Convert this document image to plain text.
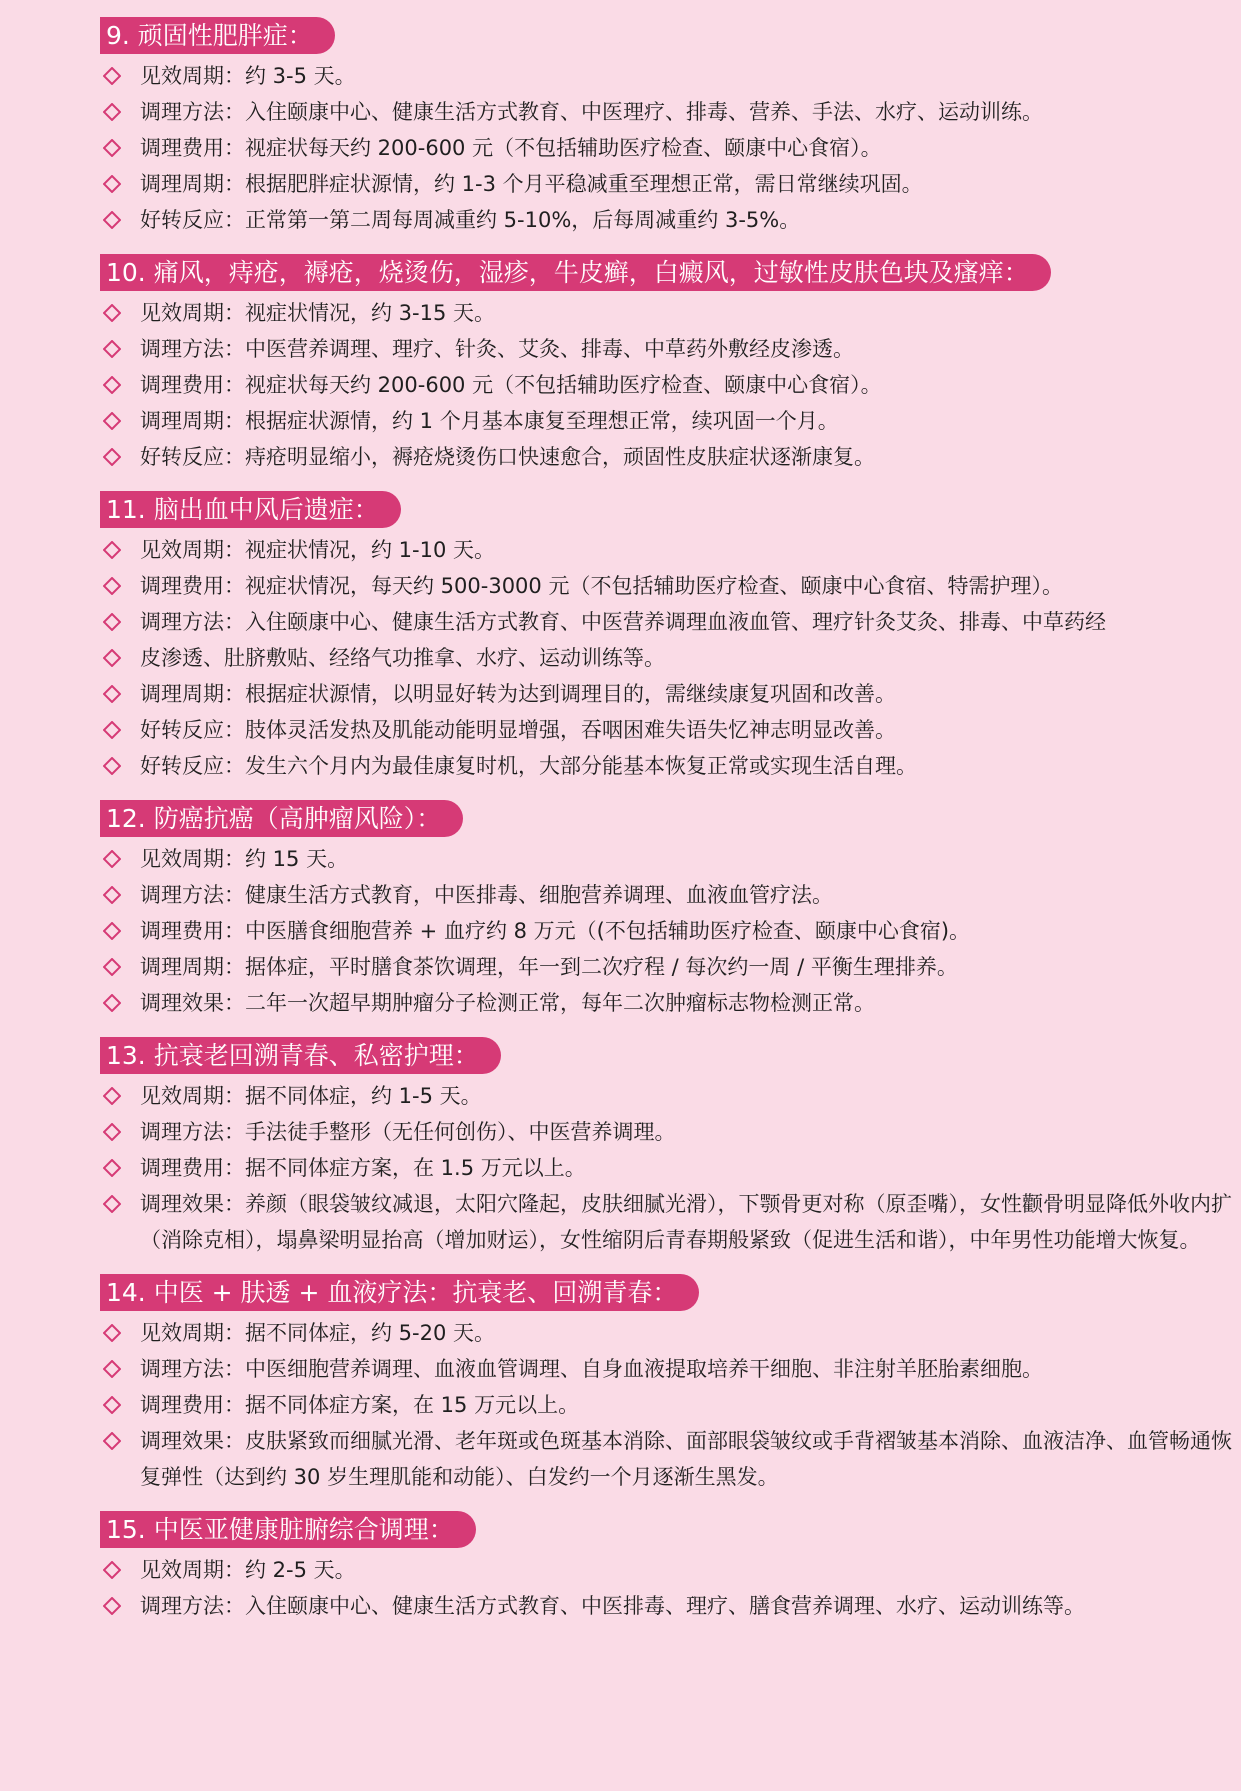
9. 顽固性肥胖症：
见效周期：约 3-5 天。
调理方法：入住颐康中心、健康生活方式教育、中医理疗、排毒、营养、手法、水疗、运动训练。
调理费用：视症状每天约 200-600 元（不包括辅助医疗检查、颐康中心食宿）。
调理周期：根据肥胖症状源情，约 1-3 个月平稳减重至理想正常，需日常继续巩固。
好转反应：正常第一第二周每周减重约 5-10%，后每周减重约 3-5%。
10. 痛风，痔疮，褥疮，烧烫伤，湿疹，牛皮癣，白癜风，过敏性皮肤色块及瘙痒：
见效周期：视症状情况，约 3-15 天。
调理方法：中医营养调理、理疗、针灸、艾灸、排毒、中草药外敷经皮渗透。
调理费用：视症状每天约 200-600 元（不包括辅助医疗检查、颐康中心食宿）。
调理周期：根据症状源情，约 1 个月基本康复至理想正常，续巩固一个月。
好转反应：痔疮明显缩小，褥疮烧烫伤口快速愈合，顽固性皮肤症状逐渐康复。
11. 脑出血中风后遗症：
见效周期：视症状情况，约 1-10 天。
调理费用：视症状情况，每天约 500-3000 元（不包括辅助医疗检查、颐康中心食宿、特需护理）。
调理方法：入住颐康中心、健康生活方式教育、中医营养调理血液血管、理疗针灸艾灸、排毒、中草药经
皮渗透、肚脐敷贴、经络气功推拿、水疗、运动训练等。
调理周期：根据症状源情，以明显好转为达到调理目的，需继续康复巩固和改善。
好转反应：肢体灵活发热及肌能动能明显增强，吞咽困难失语失忆神志明显改善。
好转反应：发生六个月内为最佳康复时机，大部分能基本恢复正常或实现生活自理。
12. 防癌抗癌（高肿瘤风险）：
见效周期：约 15 天。
调理方法：健康生活方式教育，中医排毒、细胞营养调理、血液血管疗法。
调理费用：中医膳食细胞营养 + 血疗约 8 万元（(不包括辅助医疗检查、颐康中心食宿)。
调理周期：据体症，平时膳食茶饮调理，年一到二次疗程 / 每次约一周 / 平衡生理排养。
调理效果：二年一次超早期肿瘤分子检测正常，每年二次肿瘤标志物检测正常。
13. 抗衰老回溯青春、私密护理：
见效周期：据不同体症，约 1-5 天。
调理方法：手法徒手整形（无任何创伤）、中医营养调理。
调理费用：据不同体症方案，在 1.5 万元以上。
调理效果：养颜（眼袋皱纹减退，太阳穴隆起，皮肤细腻光滑），下颚骨更对称（原歪嘴），女性颧骨明显降低外收内扩（消除克相），塌鼻梁明显抬高（增加财运），女性缩阴后青春期般紧致（促进生活和谐），中年男性功能增大恢复。
14. 中医 + 肤透 + 血液疗法：抗衰老、回溯青春：
见效周期：据不同体症，约 5-20 天。
调理方法：中医细胞营养调理、血液血管调理、自身血液提取培养干细胞、非注射羊胚胎素细胞。
调理费用：据不同体症方案，在 15 万元以上。
调理效果：皮肤紧致而细腻光滑、老年斑或色斑基本消除、面部眼袋皱纹或手背褶皱基本消除、血液洁净、血管畅通恢复弹性（达到约 30 岁生理肌能和动能）、白发约一个月逐渐生黑发。
15. 中医亚健康脏腑综合调理：
见效周期：约 2-5 天。
调理方法：入住颐康中心、健康生活方式教育、中医排毒、理疗、膳食营养调理、水疗、运动训练等。
